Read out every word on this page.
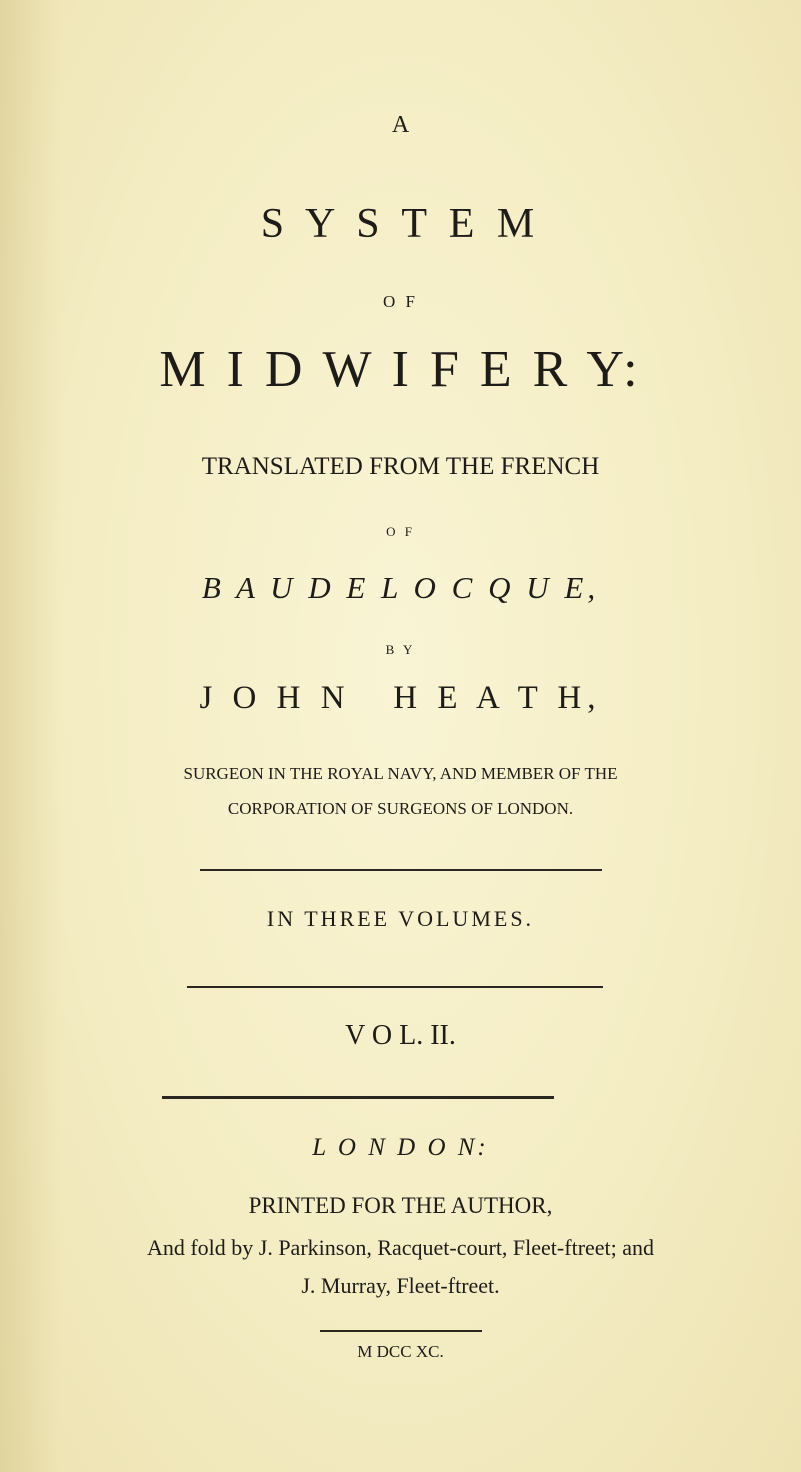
A

S Y S T E M

O F

M I D W I F E R Y:

TRANSLATED FROM THE FRENCH

O F

B A U D E L O C Q U E,

B Y

J O H N   H E A T H,

SURGEON IN THE ROYAL NAVY, AND MEMBER OF THE

CORPORATION OF SURGEONS OF LONDON.

IN THREE VOLUMES.

V O L. II.

L O N D O N:

PRINTED FOR THE AUTHOR,

And fold by J. Parkinson, Racquet-court, Fleet-ftreet; and

J. Murray, Fleet-ftreet.

M DCC XC.
